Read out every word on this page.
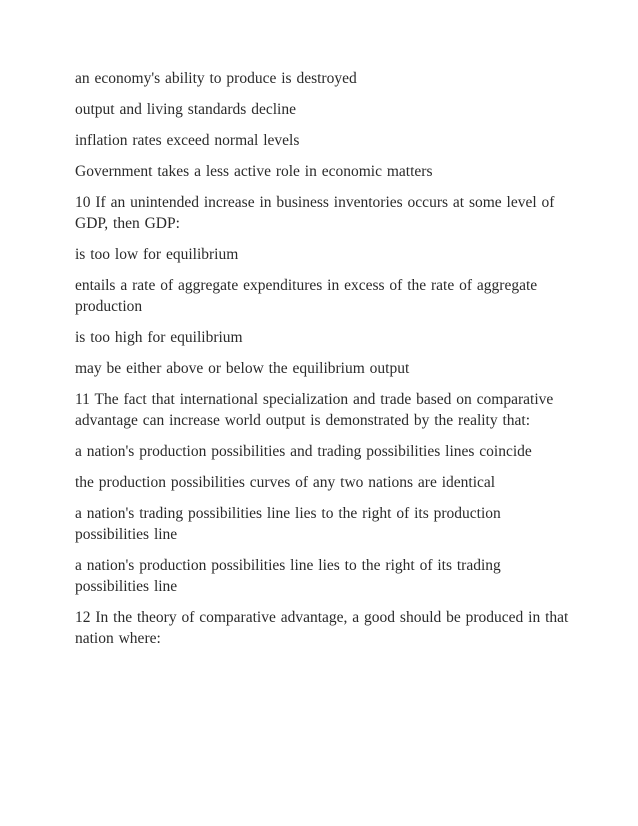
an economy's ability to produce is destroyed

output and living standards decline

inflation rates exceed normal levels

Government takes a less active role in economic matters

10 If an unintended increase in business inventories occurs at some level of GDP, then GDP:

is too low for equilibrium

entails a rate of aggregate expenditures in excess of the rate of aggregate production

is too high for equilibrium

may be either above or below the equilibrium output

11 The fact that international specialization and trade based on comparative advantage can increase world output is demonstrated by the reality that:

a nation's production possibilities and trading possibilities lines coincide

the production possibilities curves of any two nations are identical

a nation's trading possibilities line lies to the right of its production possibilities line

a nation's production possibilities line lies to the right of its trading possibilities line

12 In the theory of comparative advantage, a good should be produced in that nation where:
